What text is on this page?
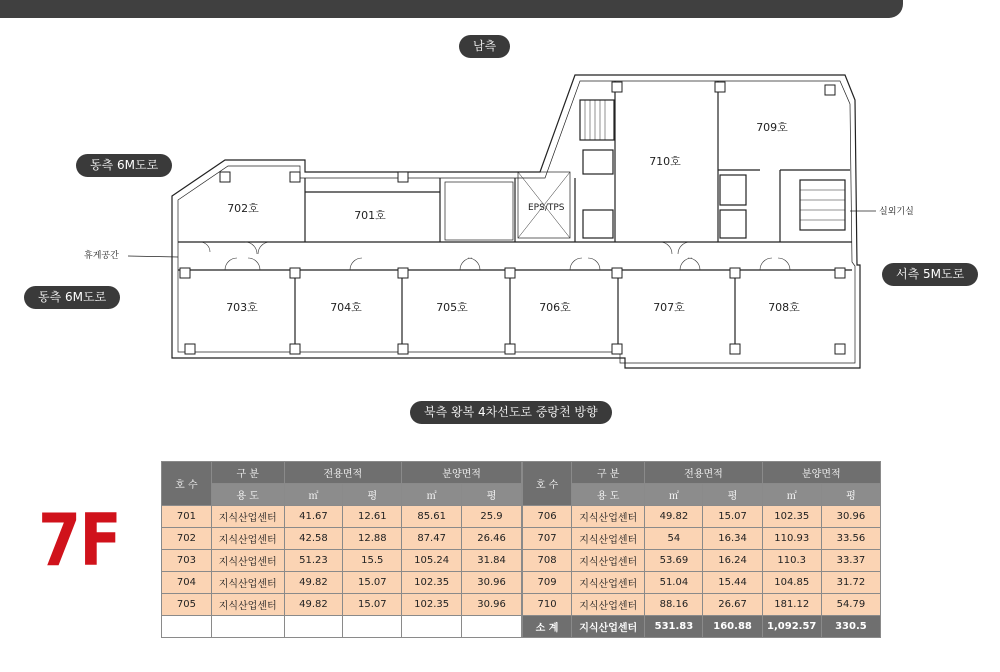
702호
701호
703호	704호	705호	706호	707호	708호
709호
710호
EPS/TPS
휴게공간
실외기실
남측
동측 6M도로
동측 6M도로
서측 5M도로
북측 왕복 4차선도로 중랑천 방향
7F
호 수	구 분	전용면적		분양면적	
	용 도	㎡	평	㎡	평
701	지식산업센터	41.67	12.61	85.61	25.9
702	지식산업센터	42.58	12.88	87.47	26.46
703	지식산업센터	51.23	15.5	105.24	31.84
704	지식산업센터	49.82	15.07	102.35	30.96
705	지식산업센터	49.82	15.07	102.35	30.96

호 수	구 분	전용면적		분양면적	
	용 도	㎡	평	㎡	평
706	지식산업센터	49.82	15.07	102.35	30.96
707	지식산업센터	54	16.34	110.93	33.56
708	지식산업센터	53.69	16.24	110.3	33.37
709	지식산업센터	51.04	15.44	104.85	31.72
710	지식산업센터	88.16	26.67	181.12	54.79
소 계	지식산업센터	531.83	160.88	1,092.57	330.5
